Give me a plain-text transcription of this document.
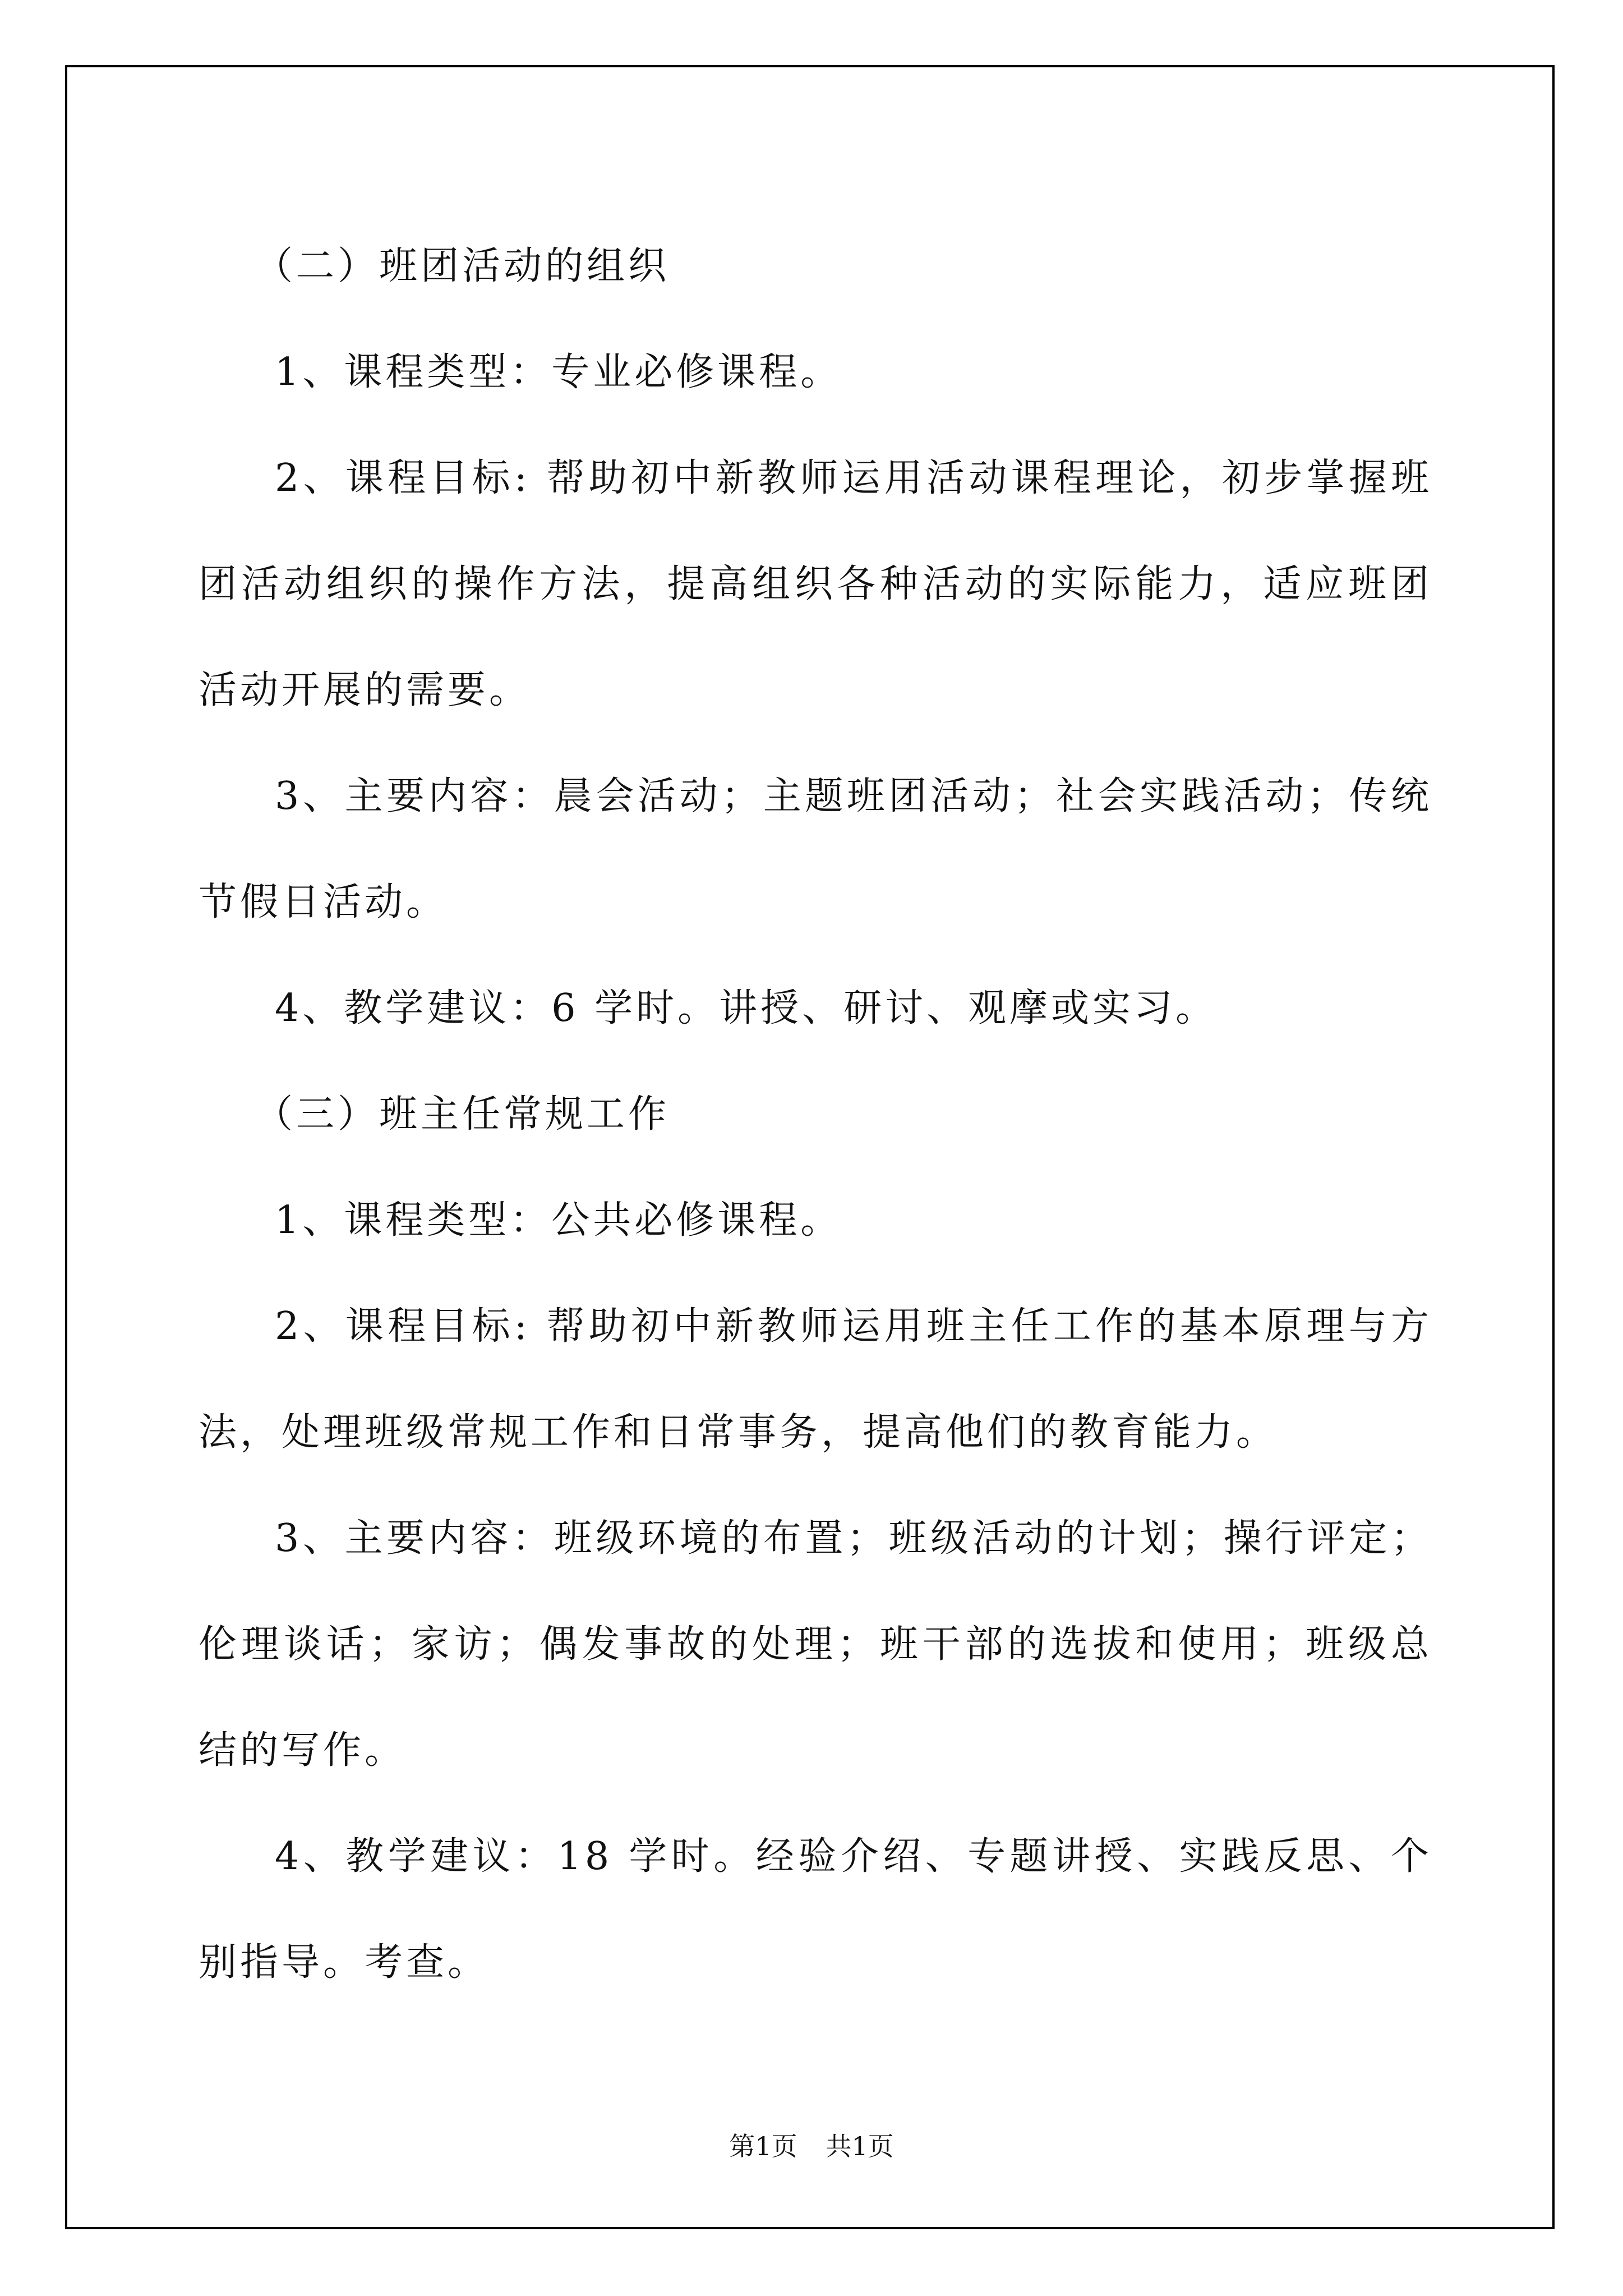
（二）班团活动的组织

1、课程类型：专业必修课程。

2、课程目标: 帮助初中新教师运用活动课程理论，初步掌握班团活动组织的操作方法，提高组织各种活动的实际能力，适应班团活动开展的需要。

3、主要内容：晨会活动；主题班团活动；社会实践活动；传统节假日活动。

4、教学建议：6 学时。讲授、研讨、观摩或实习。

（三）班主任常规工作

1、课程类型：公共必修课程。

2、课程目标: 帮助初中新教师运用班主任工作的基本原理与方法，处理班级常规工作和日常事务，提高他们的教育能力。

3、主要内容：班级环境的布置；班级活动的计划；操行评定；伦理谈话；家访；偶发事故的处理；班干部的选拔和使用；班级总结的写作。

4、教学建议：18 学时。经验介绍、专题讲授、实践反思、个别指导。考查。

第1页 共1页
